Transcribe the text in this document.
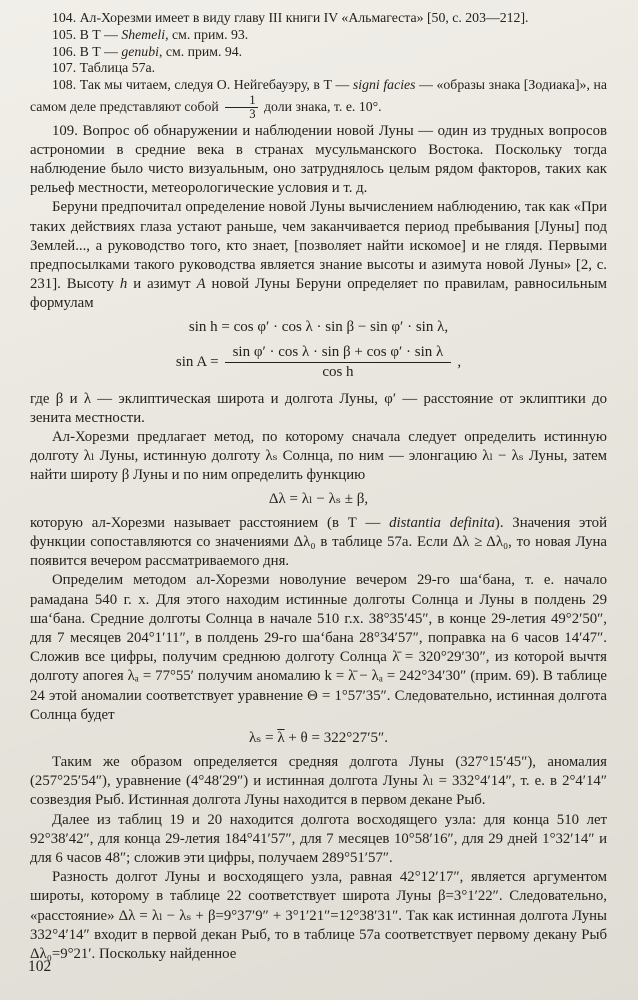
104. Ал-Хорезми имеет в виду главу III книги IV «Альмагеста» [50, с. 203—212].

105. В Т — Shemeli, см. прим. 93.

106. В Т — genubi, см. прим. 94.

107. Таблица 57а.

108. Так мы читаем, следуя О. Нейгебауэру, в Т — signi facies — «образы знака [Зодиака]», на самом деле представляют собой $\frac{1}{3}$ доли знака, т. е. 10°.

109. Вопрос об обнаружении и наблюдении новой Луны — один из трудных вопросов астрономии в средние века в странах мусульманского Востока. Поскольку тогда наблюдение было чисто визуальным, оно затруднялось целым рядом факторов, таких как рельеф местности, метеорологические условия и т. д.

Беруни предпочитал определение новой Луны вычислением наблюдению, так как «При таких действиях глаза устают раньше, чем заканчивается период пребывания [Луны] под Землей..., а руководство того, кто знает, [позволяет найти искомое] и не глядя. Первыми предпосылками такого руководства является знание высоты и азимута новой Луны» [2, с. 231]. Высоту h и азимут A новой Луны Беруни определяет по правилам, равносильным формулам

sin h = cos φ′ · cos λ · sin β − sin φ′ · sin λ,
$\sin A = \frac{\text{sin φ′ · cos λ · sin β + cos φ′ · sin λ}}{\text{cos h}}$ ,

где β и λ — эклиптическая широта и долгота Луны, φ′ — расстояние от эклиптики до зенита местности.

Ал-Хорезми предлагает метод, по которому сначала следует определить истинную долготу λₗ Луны, истинную долготу λₛ Солнца, по ним — элонгацию λₗ − λₛ Луны, затем найти широту β Луны и по ним определить функцию

Δλ = λₗ − λₛ ± β,

которую ал-Хорезми называет расстоянием (в Т — distantia definita). Значения этой функции сопоставляются со значениями Δλ₀ в таблице 57а. Если Δλ ≥ Δλ₀, то новая Луна появится вечером рассматриваемого дня.

Определим методом ал-Хорезми новолуние вечером 29-го ша‘бана, т. е. начало рамадана 540 г. х. Для этого находим истинные долготы Солнца и Луны в полдень 29 ша‘бана. Средние долготы Солнца в начале 510 г.х. 38°35′45″, в конце 29-летия 49°2′50″, для 7 месяцев 204°1′11″, в полдень 29-го ша‘бана 28°34′57″, поправка на 6 часов 14′47″. Сложив все цифры, получим среднюю долготу Солнца λ̄ = 320°29′30″, из которой вычтя долготу апогея λₐ = 77°55′ получим аномалию k = λ̄ − λₐ = 242°34′30″ (прим. 69). В таблице 24 этой аномалии соответствует уравнение Θ = 1°57′35″. Следовательно, истинная долгота Солнца будет

$\lambda_s = \overline{\lambda} + \theta = 322^\circ 27'5''$.

Таким же образом определяется средняя долгота Луны (327°15′45″), аномалия (257°25′54″), уравнение (4°48′29″) и истинная долгота Луны λₗ = 332°4′14″, т. е. в 2°4′14″ созвездия Рыб. Истинная долгота Луны находится в первом декане Рыб.

Далее из таблиц 19 и 20 находится долгота восходящего узла: для конца 510 лет 92°38′42″, для конца 29-летия 184°41′57″, для 7 месяцев 10°58′16″, для 29 дней 1°32′14″ и для 6 часов 48″; сложив эти цифры, получаем 289°51′57″.

Разность долгот Луны и восходящего узла, равная 42°12′17″, является аргументом широты, которому в таблице 22 соответствует широта Луны β=3°1′22″. Следовательно, «расстояние» Δλ = λₗ − λₛ + β=9°37′9″ + 3°1′21″=12°38′31″. Так как истинная долгота Луны 332°4′14″ входит в первой декан Рыб, то в таблице 57а соответствует первому декану Рыб Δλ₀=9°21′. Поскольку найденное

102
